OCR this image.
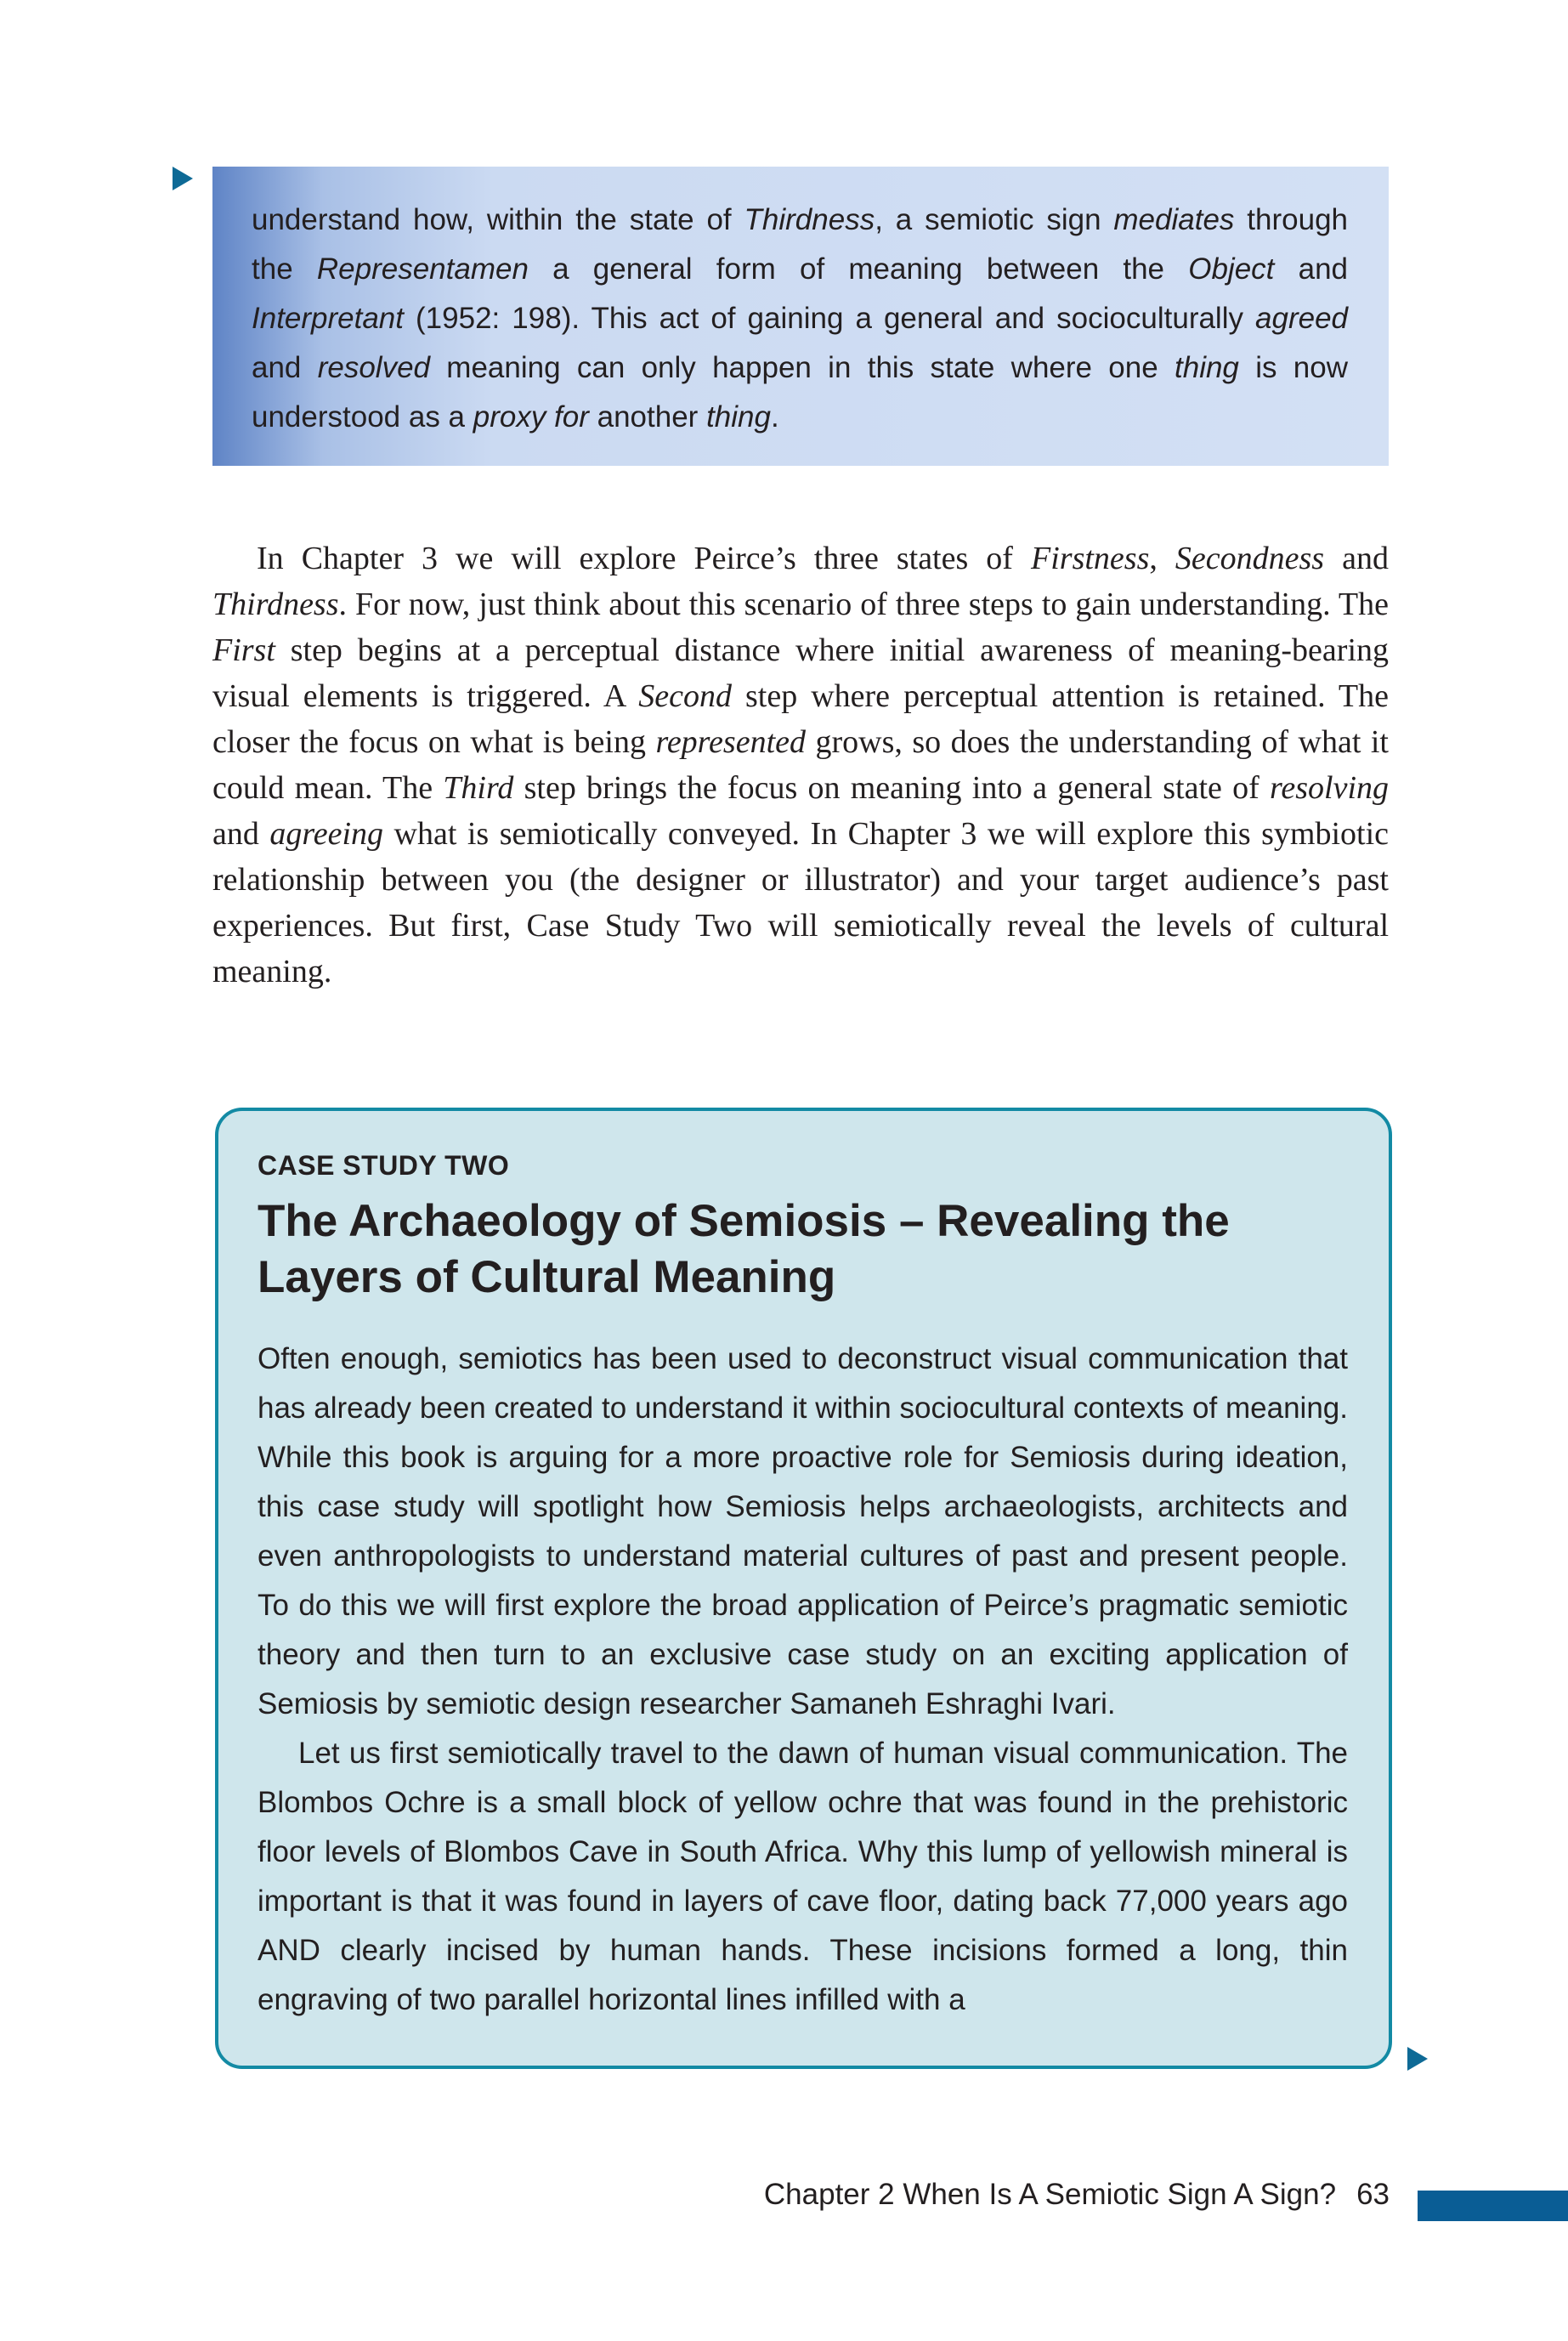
understand how, within the state of Thirdness, a semiotic sign mediates through the Representamen a general form of meaning between the Object and Interpretant (1952: 198). This act of gaining a general and socioculturally agreed and resolved meaning can only happen in this state where one thing is now understood as a proxy for another thing.

In Chapter 3 we will explore Peirce’s three states of Firstness, Secondness and Thirdness. For now, just think about this scenario of three steps to gain understanding. The First step begins at a perceptual distance where initial awareness of meaning-bearing visual elements is triggered. A Second step where perceptual attention is retained. The closer the focus on what is being represented grows, so does the understanding of what it could mean. The Third step brings the focus on meaning into a general state of resolving and agreeing what is semiotically conveyed. In Chapter 3 we will explore this symbiotic relationship between you (the designer or illustrator) and your target audience’s past experiences. But first, Case Study Two will semiotically reveal the levels of cultural meaning.

CASE STUDY TWO
The Archaeology of Semiosis – Revealing the Layers of Cultural Meaning

Often enough, semiotics has been used to deconstruct visual communication that has already been created to understand it within sociocultural contexts of meaning. While this book is arguing for a more proactive role for Semiosis during ideation, this case study will spotlight how Semiosis helps archaeologists, architects and even anthropologists to understand material cultures of past and present people. To do this we will first explore the broad application of Peirce’s pragmatic semiotic theory and then turn to an exclusive case study on an exciting application of Semiosis by semiotic design researcher Samaneh Eshraghi Ivari.

Let us first semiotically travel to the dawn of human visual communication. The Blombos Ochre is a small block of yellow ochre that was found in the prehistoric floor levels of Blombos Cave in South Africa. Why this lump of yellowish mineral is important is that it was found in layers of cave floor, dating back 77,000 years ago AND clearly incised by human hands. These incisions formed a long, thin engraving of two parallel horizontal lines infilled with a

Chapter 2 When Is A Semiotic Sign A Sign? 63
